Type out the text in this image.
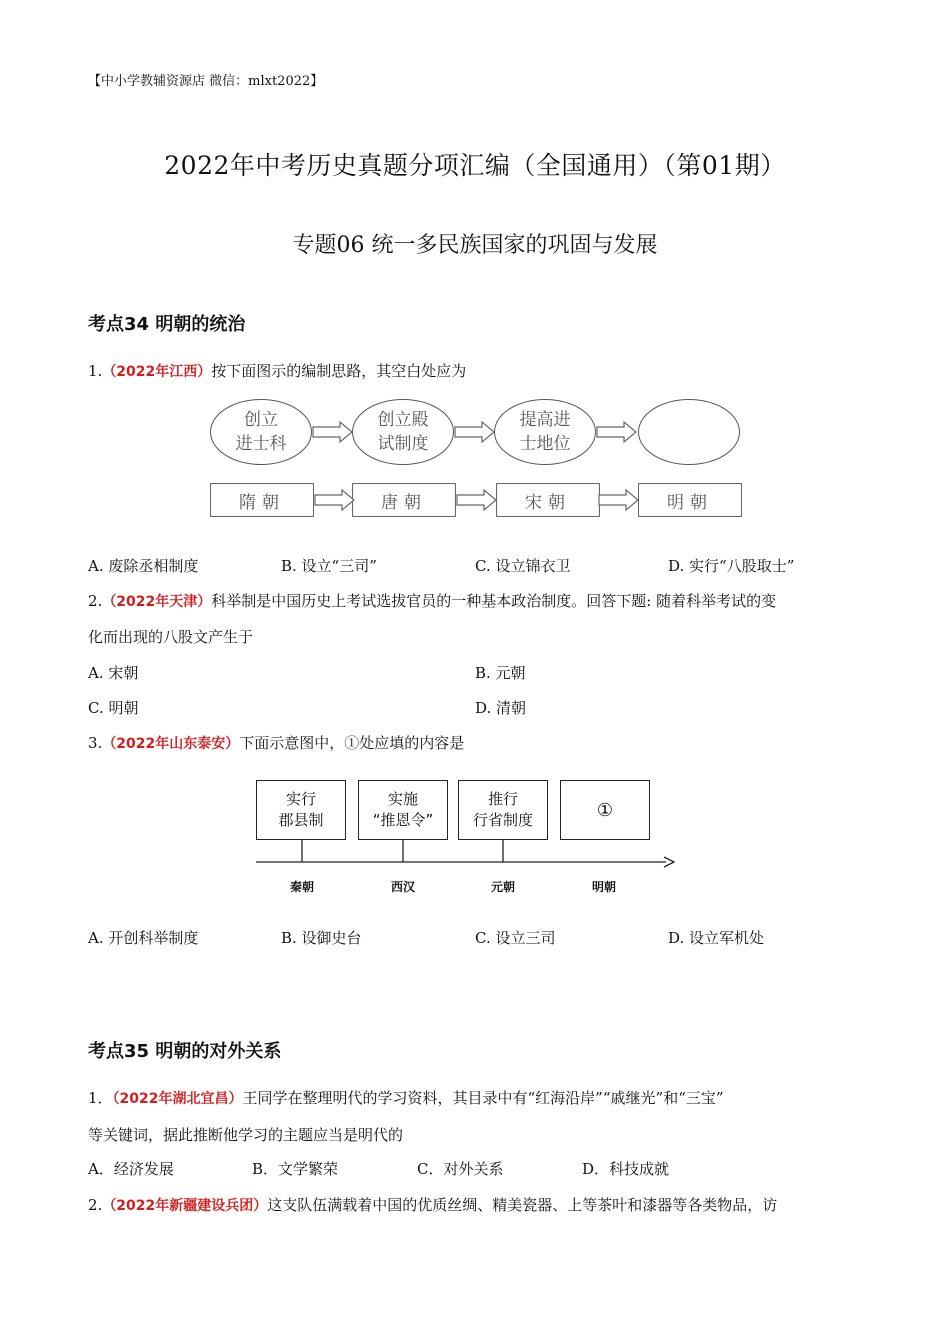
【中小学教辅资源店 微信：mlxt2022】
2022年中考历史真题分项汇编（全国通用）（第01期）
专题06 统一多民族国家的巩固与发展
考点34 明朝的统治
1.（2022年江西）按下面图示的编制思路，其空白处应为
创立
进士科
创立殿
试制度
提高进
士地位
隋朝	唐朝	宋朝	明朝
A. 废除丞相制度	B. 设立“三司”	C. 设立锦衣卫	D. 实行“八股取士”
2.（2022年天津）科举制是中国历史上考试选拔官员的一种基本政治制度。回答下题: 随着科举考试的变
化而出现的八股文产生于
A. 宋朝	B. 元朝
C. 明朝	D. 清朝
3.（2022年山东泰安）下面示意图中，①处应填的内容是
实行
郡县制
实施
“推恩令”
推行
行省制度	①
秦朝	西汉	元朝	明朝
A. 开创科举制度	B. 设御史台	C. 设立三司	D. 设立军机处
考点35 明朝的对外关系
1．（2022年湖北宜昌）王同学在整理明代的学习资料，其目录中有“红海沿岸”“戚继光”和“三宝”
等关键词，据此推断他学习的主题应当是明代的
A．经济发展	B．文学繁荣	C．对外关系	D．科技成就
2.（2022年新疆建设兵团）这支队伍满载着中国的优质丝绸、精美瓷器、上等茶叶和漆器等各类物品，访
